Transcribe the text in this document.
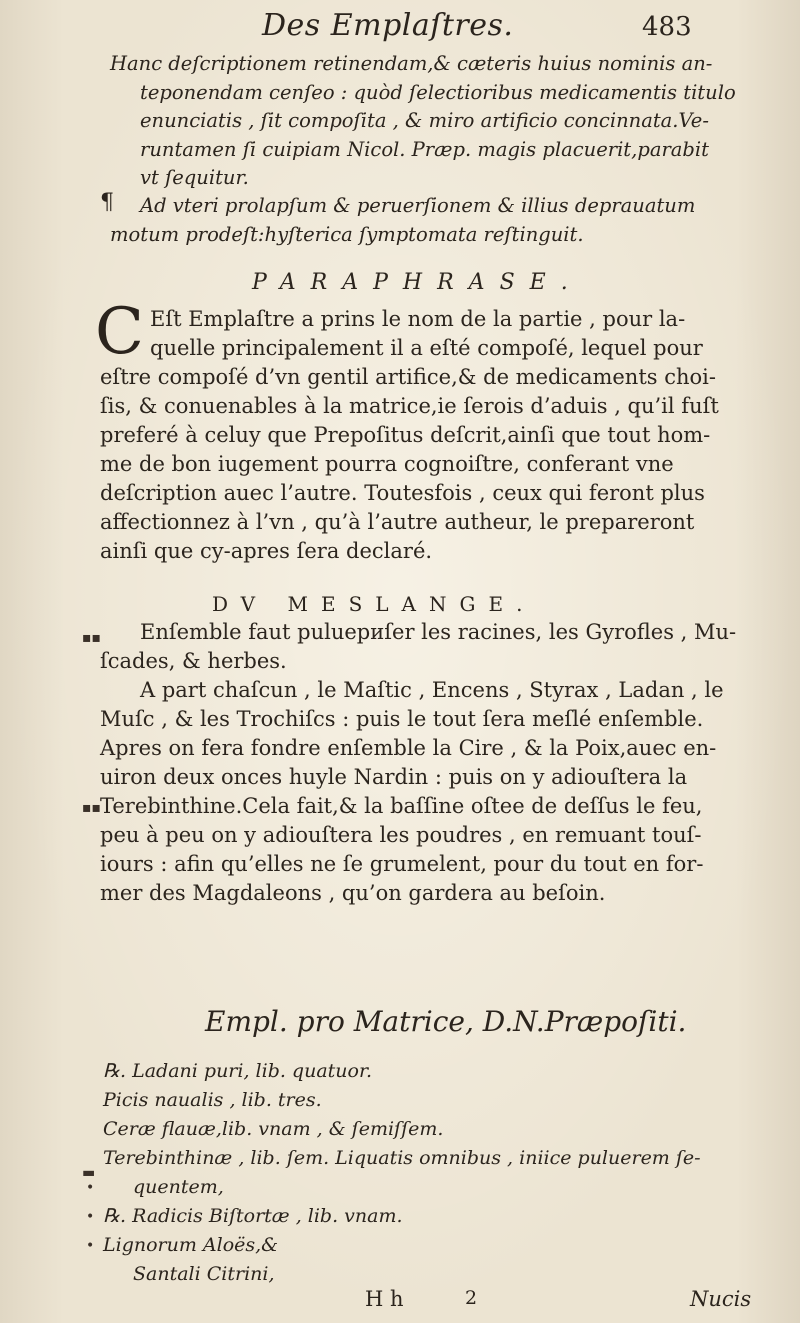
Des Emplaſtres.	483
Hanc deſcriptionem retinendam,& cæteris huius nominis an-
teponendam cenſeo : quòd ſelectioribus medicamentis titulo
enunciatis , ſit compoſita , & miro artificio concinnata.Ve-
runtamen ſi cuipiam Nicol. Præp. magis placuerit,parabit
vt ſequitur.
¶	Ad vteri prolapſum & peruerſionem & illius deprauatum
motum prodeſt:hyſterica ſymptomata reſtinguit.
PARAPHRASE.
C Eſt Emplaſtre a prins le nom de la partie , pour la-
quelle principalement il a eſté compoſé, lequel pour
eſtre compoſé d’vn gentil artifice,& de medicaments choi-
ſis, & conuenables à la matrice,ie ſerois d’aduis , qu’il fuſt
preferé à celuy que Prepoſitus deſcrit,ainſi que tout hom-
me de bon iugement pourra cognoiſtre, conferant vne
deſcription auec l’autre. Toutesfois , ceux qui feront plus
affectionnez à l’vn , qu’à l’autre autheur, le prepareront
ainſi que cy-apres ſera declaré.
DV MESLANGE.
Enſemble faut puluериſer les racines, les Gyrofles , Mu-
ſcades, & herbes.
A part chaſcun , le Maſtic , Encens , Styrax , Ladan , le
Muſc , & les Trochiſcs : puis le tout ſera meſlé enſemble.
Apres on fera fondre enſemble la Cire , & la Poix,auec en-
uiron deux onces huyle Nardin : puis on y adiouſtera la
Terebinthine.Cela fait,& la baſſine oſtee de deſſus le feu,
peu à peu on y adiouſtera les poudres , en remuant touſ-
iours : afin qu’elles ne ſe grumelent, pour du tout en for-
mer des Magdaleons , qu’on gardera au beſoin.
Empl. pro Matrice, D.N.Præpoſiti.
℞. Ladani puri, lib. quatuor.
Picis naualis , lib. tres.
Ceræ flauæ,lib. vnam , & ſemiſſem.
Terebinthinæ , lib. ſem. Liquatis omnibus , iniice puluerem ſe-
quentem,
℞. Radicis Biſtortæ , lib. vnam.
Lignorum Aloës,&
Santali Citrini,
H h	2	Nucis
▪▪
▪▪
▬
•
•
•
